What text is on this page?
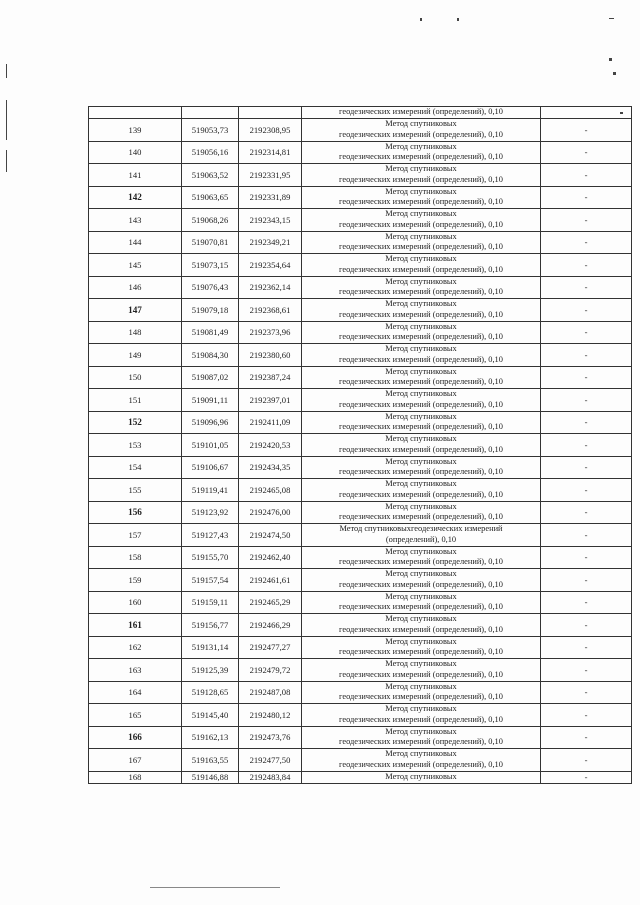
			геодезических измерений (определений), 0,10	
139	519053,73	2192308,95	Метод спутниковых
геодезических измерений (определений), 0,10	-
140	519056,16	2192314,81	Метод спутниковых
геодезических измерений (определений), 0,10	-
141	519063,52	2192331,95	Метод спутниковых
геодезических измерений (определений), 0,10	-
142	519063,65	2192331,89	Метод спутниковых
геодезических измерений (определений), 0,10	-
143	519068,26	2192343,15	Метод спутниковых
геодезических измерений (определений), 0,10	-
144	519070,81	2192349,21	Метод спутниковых
геодезических измерений (определений), 0,10	-
145	519073,15	2192354,64	Метод спутниковых
геодезических измерений (определений), 0,10	-
146	519076,43	2192362,14	Метод спутниковых
геодезических измерений (определений), 0,10	-
147	519079,18	2192368,61	Метод спутниковых
геодезических измерений (определений), 0,10	-
148	519081,49	2192373,96	Метод спутниковых
геодезических измерений (определений), 0,10	-
149	519084,30	2192380,60	Метод спутниковых
геодезических измерений (определений), 0,10	-
150	519087,02	2192387,24	Метод спутниковых
геодезических измерений (определений), 0,10	-
151	519091,11	2192397,01	Метод спутниковых
геодезических измерений (определений), 0,10	-
152	519096,96	2192411,09	Метод спутниковых
геодезических измерений (определений), 0,10	-
153	519101,05	2192420,53	Метод спутниковых
геодезических измерений (определений), 0,10	-
154	519106,67	2192434,35	Метод спутниковых
геодезических измерений (определений), 0,10	-
155	519119,41	2192465,08	Метод спутниковых
геодезических измерений (определений), 0,10	-
156	519123,92	2192476,00	Метод спутниковых
геодезических измерений (определений), 0,10	-
157	519127,43	2192474,50	Метод спутниковыхгеодезических измерений
(определений), 0,10	-
158	519155,70	2192462,40	Метод спутниковых
геодезических измерений (определений), 0,10	-
159	519157,54	2192461,61	Метод спутниковых
геодезических измерений (определений), 0,10	-
160	519159,11	2192465,29	Метод спутниковых
геодезических измерений (определений), 0,10	-
161	519156,77	2192466,29	Метод спутниковых
геодезических измерений (определений), 0,10	-
162	519131,14	2192477,27	Метод спутниковых
геодезических измерений (определений), 0,10	-
163	519125,39	2192479,72	Метод спутниковых
геодезических измерений (определений), 0,10	-
164	519128,65	2192487,08	Метод спутниковых
геодезических измерений (определений), 0,10	-
165	519145,40	2192480,12	Метод спутниковых
геодезических измерений (определений), 0,10	-
166	519162,13	2192473,76	Метод спутниковых
геодезических измерений (определений), 0,10	-
167	519163,55	2192477,50	Метод спутниковых
геодезических измерений (определений), 0,10	-
168	519146,88	2192483,84	Метод спутниковых	-
